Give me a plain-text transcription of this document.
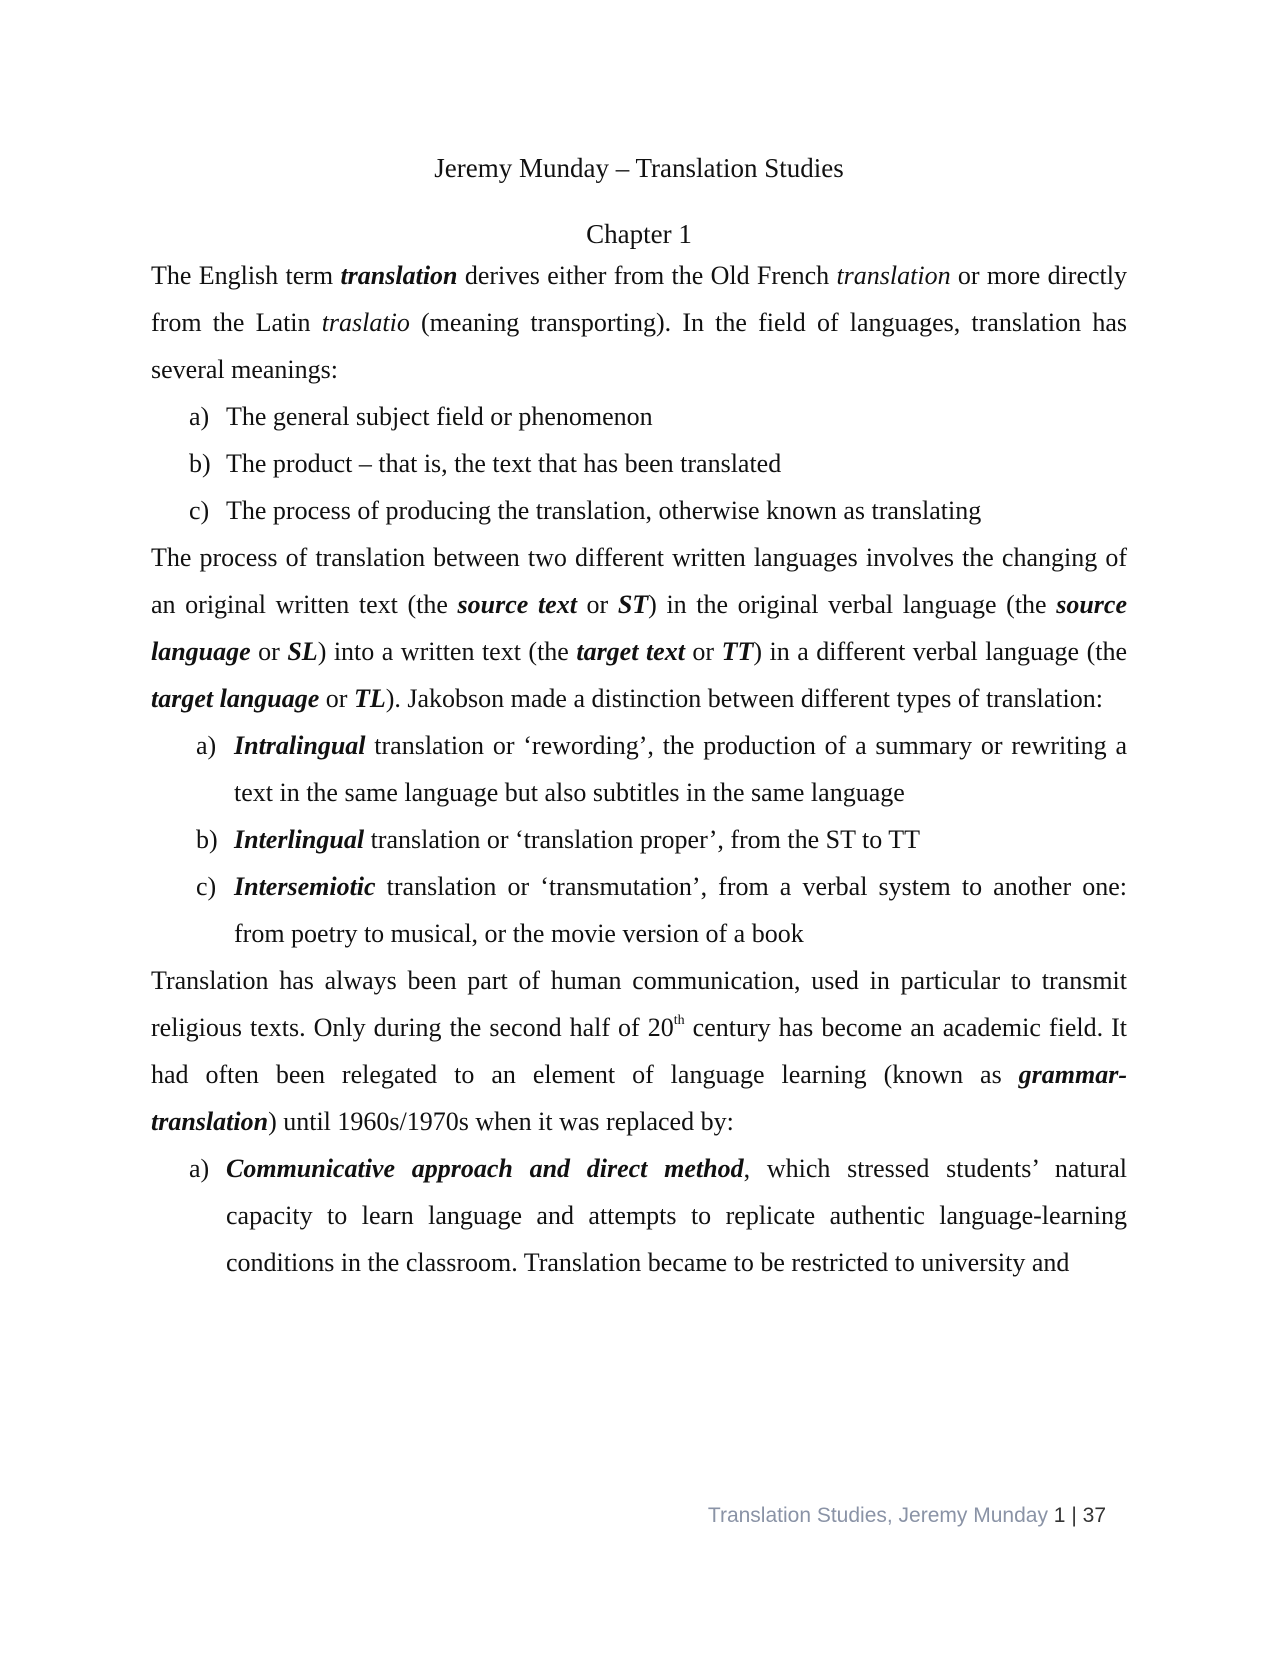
Jeremy Munday – Translation Studies

Chapter 1

The English term translation derives either from the Old French translation or more directly from the Latin traslatio (meaning transporting). In the field of languages, translation has several meanings:

a) The general subject field or phenomenon
b) The product – that is, the text that has been translated
c) The process of producing the translation, otherwise known as translating

The process of translation between two different written languages involves the changing of an original written text (the source text or ST) in the original verbal language (the source language or SL) into a written text (the target text or TT) in a different verbal language (the target language or TL). Jakobson made a distinction between different types of translation:

a) Intralingual translation or ‘rewording’, the production of a summary or rewriting a text in the same language but also subtitles in the same language
b) Interlingual translation or ‘translation proper’, from the ST to TT
c) Intersemiotic translation or ‘transmutation’, from a verbal system to another one: from poetry to musical, or the movie version of a book

Translation has always been part of human communication, used in particular to transmit religious texts. Only during the second half of 20th century has become an academic field. It had often been relegated to an element of language learning (known as grammar-translation) until 1960s/1970s when it was replaced by:

a) Communicative approach and direct method, which stressed students’ natural capacity to learn language and attempts to replicate authentic language-learning conditions in the classroom. Translation became to be restricted to university and
Translation Studies, Jeremy Munday 1 | 37
